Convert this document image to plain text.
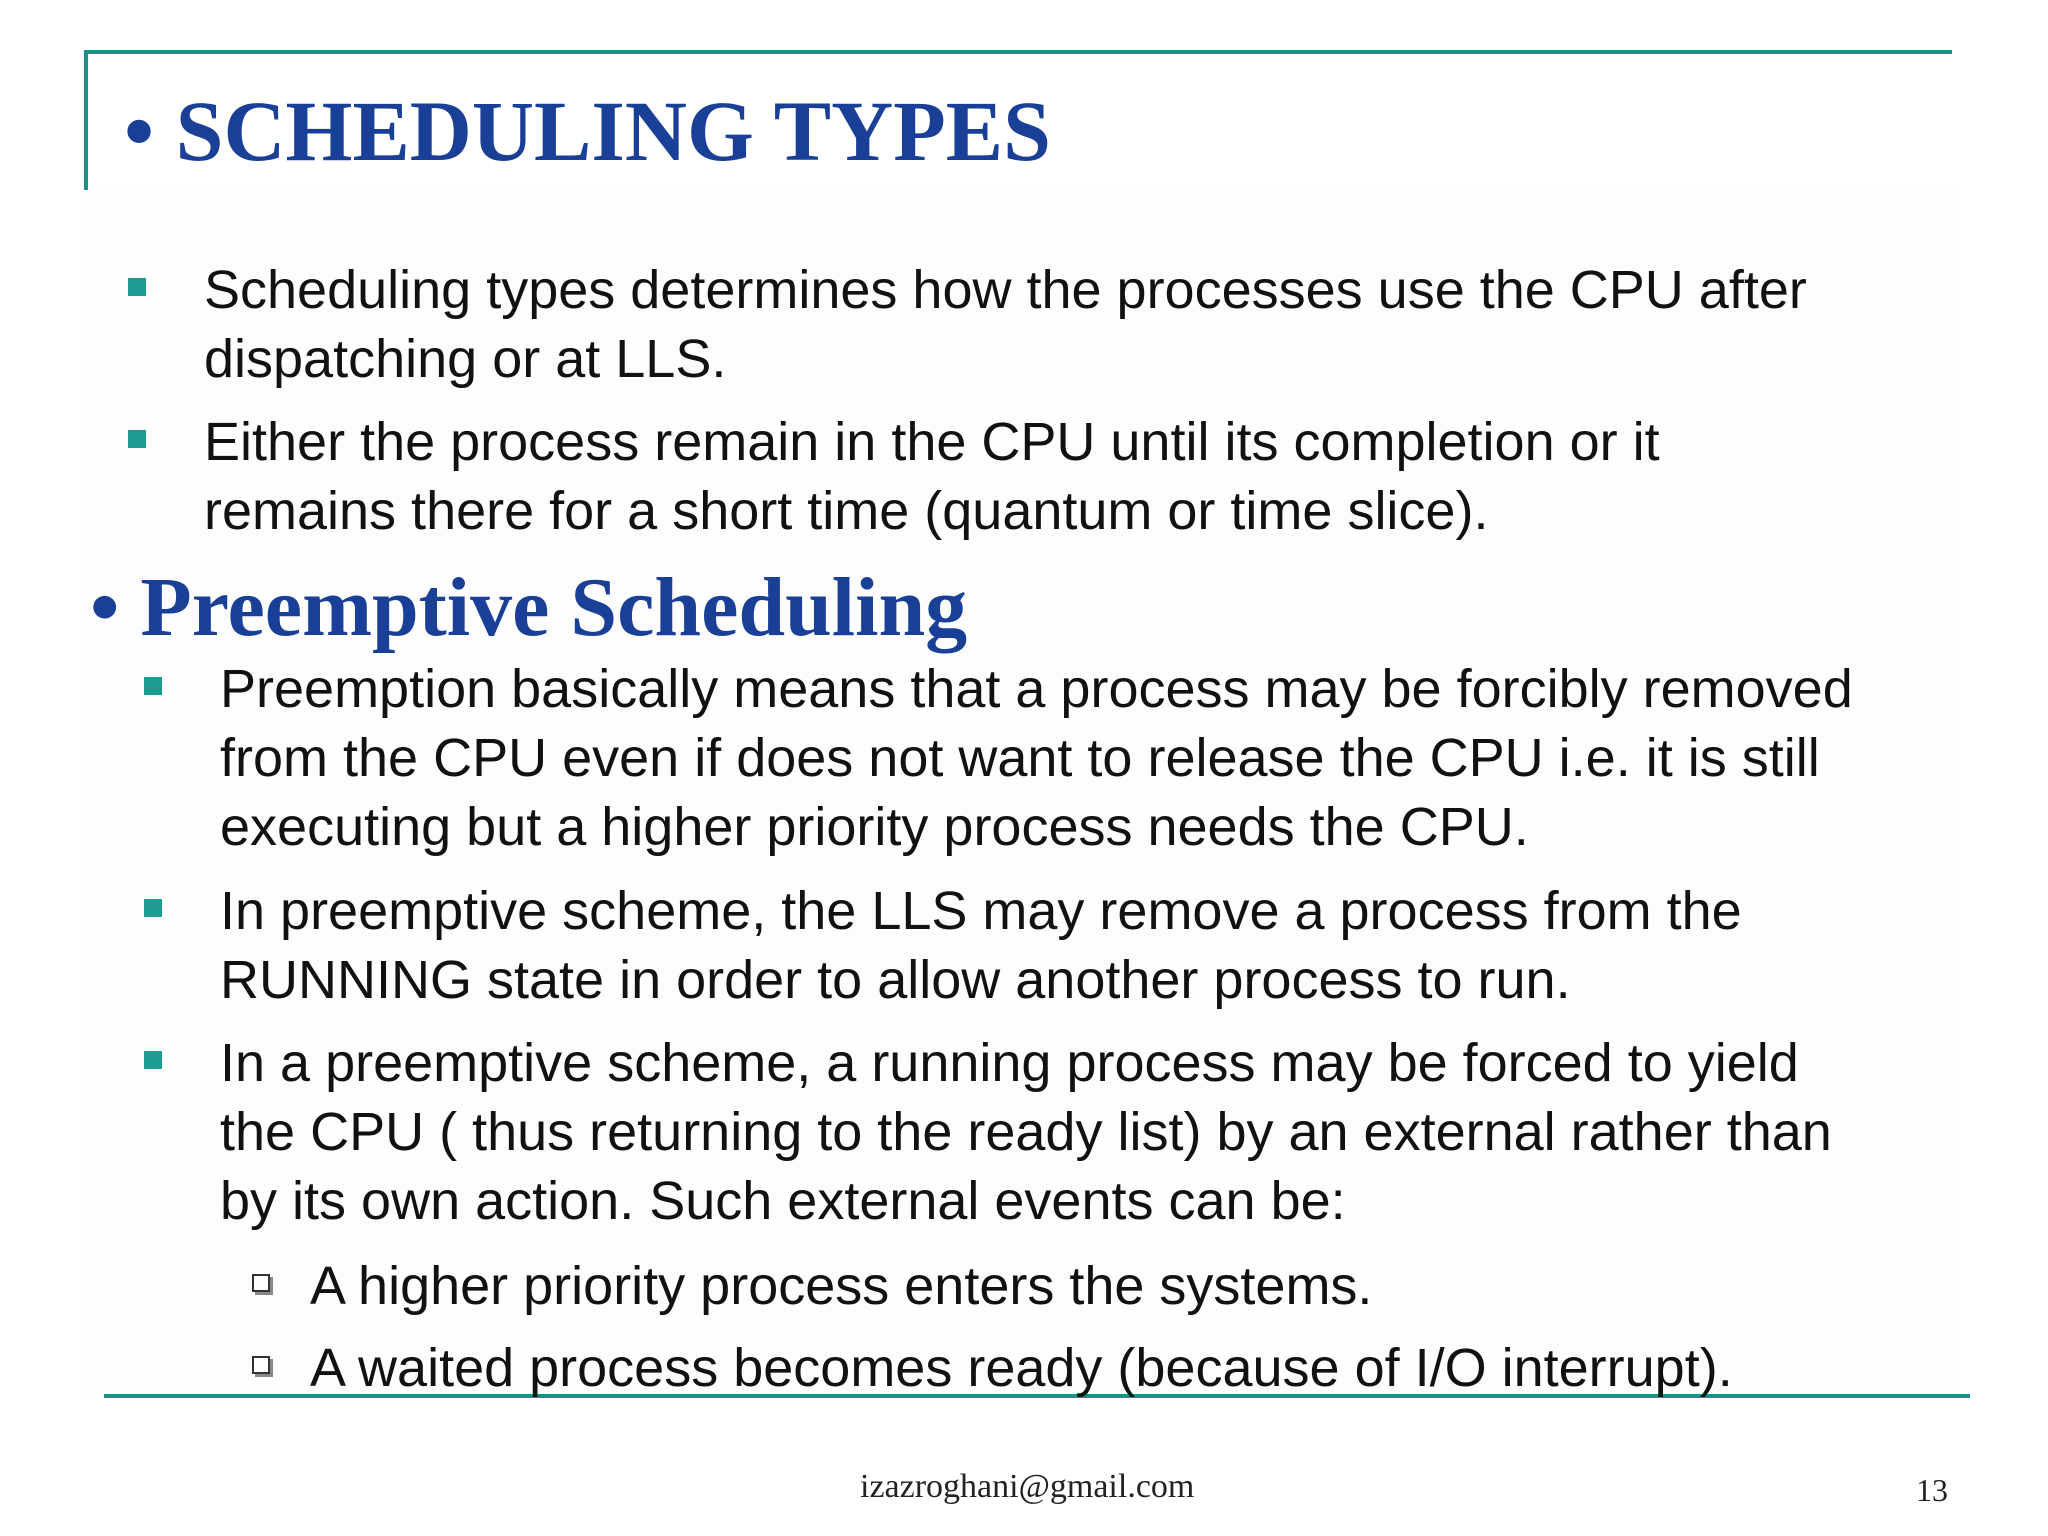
• SCHEDULING TYPES
Scheduling types determines how the processes use the CPU after
dispatching or at LLS.
Either the process remain in the CPU until its completion or it
remains there for a short time (quantum or time slice).
• Preemptive Scheduling
Preemption basically means that a process may be forcibly removed
from the CPU even if does not want to release the CPU i.e. it is still
executing but a higher priority process needs the CPU.
In preemptive scheme, the LLS may remove a process from the
RUNNING state in order to allow another process to run.
In a preemptive scheme, a running process may be forced to yield
the CPU ( thus returning to the ready list) by an external rather than
by its own action. Such external events can be:
A higher priority process enters the systems.
A waited process becomes ready (because of I/O interrupt).
izazroghani@gmail.com	13
